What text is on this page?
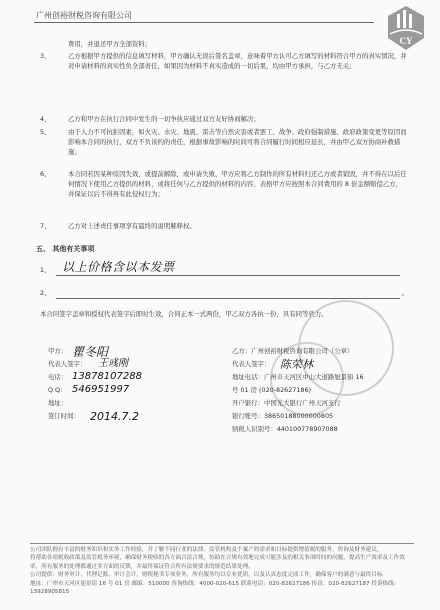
广州创裕财税咨询有限公司
CY
费用，并退还甲方全部资料；
3、	乙方根据甲方提供的信息填写材料，甲方确认无误后签名盖章，意味着甲方认可乙方填写的材料符合甲方的真实情况，并对申请材料的真实性负全部责任，如果因为材料不真实造成的一切后果，均由甲方承担，与乙方无关；
4、	乙方和甲方在执行合同中发生的一切争执应通过双方友好协商解决；
5、	由于人力不可抗拒因素，如火灾、水灾、地震、雷击等自然灾害或者罢工、战争、政府强制措施、政府政策变更等原因而影响本合同的执行，双方不负该约的责任，根据事故影响的时间可将合同履行时间相应延长，并由甲乙双方协商补救措施；
6、	本合同若因某种原因失效，或提前解除，或申请失败，甲方应将乙方制作的所有材料归还乙方或者销毁，并不得在以后任何情况下使用乙方提供的材料，或将任何与乙方提供的材料的内容、表格甲方应按照本合同费用的 8 倍金额赔偿乙方，并保证以后不得再有此侵权行为；
7、	乙方对上述责任事项享有最终的说明解释权。
五、 其他有关事项
1、 以上价格含以本发票
2、	。
本合同签字盖章和授权代表签字后即时生效，合同正本一式两份，甲乙双方各执一份，具有同等效力。
甲方： 瞿冬阳
代表人签字： 王彧刚
电话： 13878107288
Q Q： 546951997
地址：
签订时间： 2014.7.2
乙方：广州创裕财税咨询有限公司（公章）
代表人签字： 陈荣林
地址电话：广州市天河区中山大道路旭景街 16
号 01 房 (020-82627186)
开户银行：中国光大银行广州天河支行
银行账号：38650188000000805
纳税人识别号：440100778907088
公司团队拥有丰富的财务知识和实务工作经验，并了解不同行业的法律、监管机构及个案产的需求和目标提供增值税的服务，咨询及财务建议。
将帮助各项税收政策及监管税务环境，确保财务税收的各方面合法合规，协助在合规有效地完成可能涉及的相关事项时间的问题，提高生产效率及工作效率，所有服务的处理都通过多方面的反馈，并最终保证符合所有法规要求的规范结果处理。
公司提供：财务审计、代理记账、审计会计，财税秘书专项业务，所有服务均以专业优质，以及认真态度完成工作，确保客户的满意与最终目标。
地址：广州市天河区旭景街 16 号 01 房 邮编：510000 咨询热线：4000-020-615 联系电话：020-82627186 传真：020-82627187 投诉热线：13928905815
